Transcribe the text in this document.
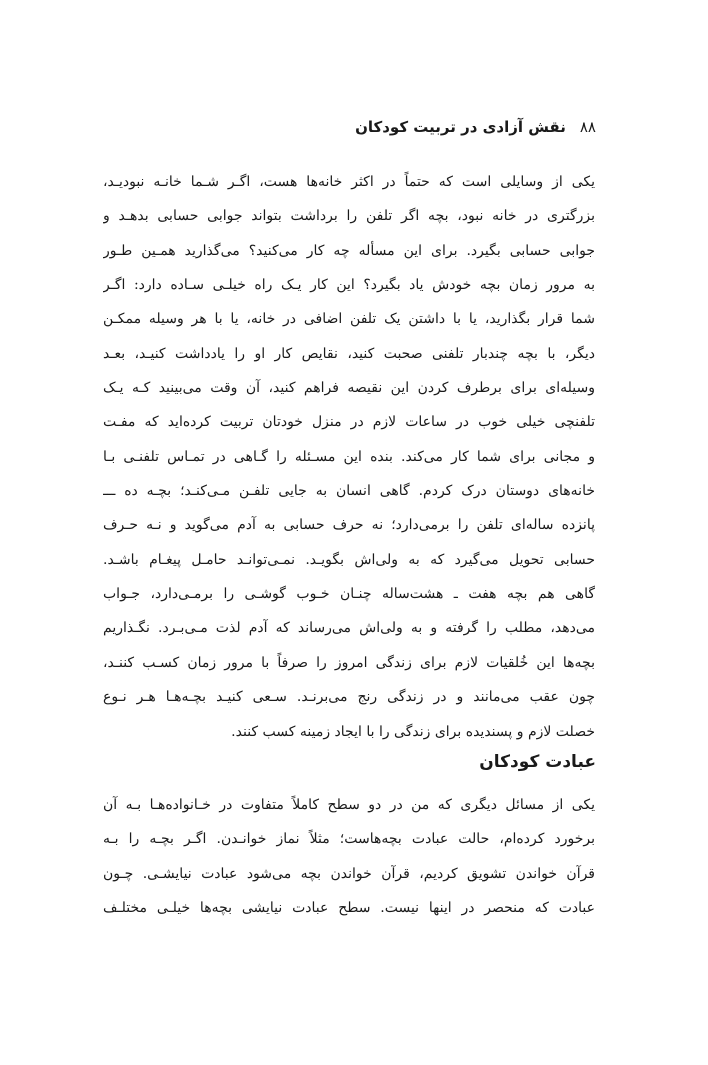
۸۸
نقش آزادی در تربیت کودکان
یکی از وسایلی است که حتماً در اکثر خانه‌ها هست، اگـر شـما خانـه نبودیـد،
بزرگتری در خانه نبود، بچه اگر تلفن را برداشت بتواند جوابی حسابی بدهـد و
جوابی حسابی بگیرد. برای این مسأله چه کار می‌کنید؟ می‌گذارید همـین طـور
به مرور زمان بچه خودش یاد بگیرد؟ این کار یـک راه خیلـی سـاده دارد: اگـر
شما قرار بگذارید، یا با داشتن یک تلفن اضافی در خانه، یا با هر وسیله ممکـن
دیگر، با بچه چندبار تلفنی صحبت کنید، نقایص کار او را یادداشت کنیـد، بعـد
وسیله‌ای برای برطرف کردن این نقیصه فراهم کنید، آن وقت می‌بینید کـه یـک
تلفنچی خیلی خوب در ساعات لازم در منزل خودتان تربیت کرده‌اید که مفـت
و مجانی برای شما کار می‌کند. بنده این مسـئله را گـاهی در تمـاس تلفنـی بـا
خانه‌های دوستان درک کردم. گاهی انسان به جایی تلفـن مـی‌کنـد؛ بچـه ده ـــ
پانزده ساله‌ای تلفن را برمی‌دارد؛ نه حرف حسابی به آدم می‌گوید و نـه حـرف
حسابی تحویل می‌گیرد که به ولی‌اش بگویـد. نمـی‌توانـد حامـل پیغـام باشـد.
گاهی هم بچه هفت ـ هشت‌ساله چنـان خـوب گوشـی را برمـی‌دارد، جـواب
می‌دهد، مطلب را گرفته و به ولی‌اش می‌رساند که آدم لذت مـی‌بـرد. نگـذاریم
بچه‌ها این خُلقیات لازم برای زندگی امروز را صرفاً با مرور زمان کسـب کننـد،
چون عقب می‌مانند و در زندگی رنج می‌برنـد. سـعی کنیـد بچـه‌هـا هـر نـوع
خصلت لازم و پسندیده برای زندگی را با ایجاد زمینه کسب کنند.
عبادت کودکان
یکی از مسائل دیگری که من در دو سطح کاملاً متفاوت در خـانواده‌هـا بـه آن
برخورد کرده‌ام، حالت عبادت بچه‌هاست؛ مثلاً نماز خوانـدن. اگـر بچـه را بـه
قرآن خواندن تشویق کردیم، قرآن خواندن بچه می‌شود عبادت نیایشـی. چـون
عبادت که منحصر در اینها نیست. سطح عبادت نیایشی بچه‌ها خیلـی مختلـف
